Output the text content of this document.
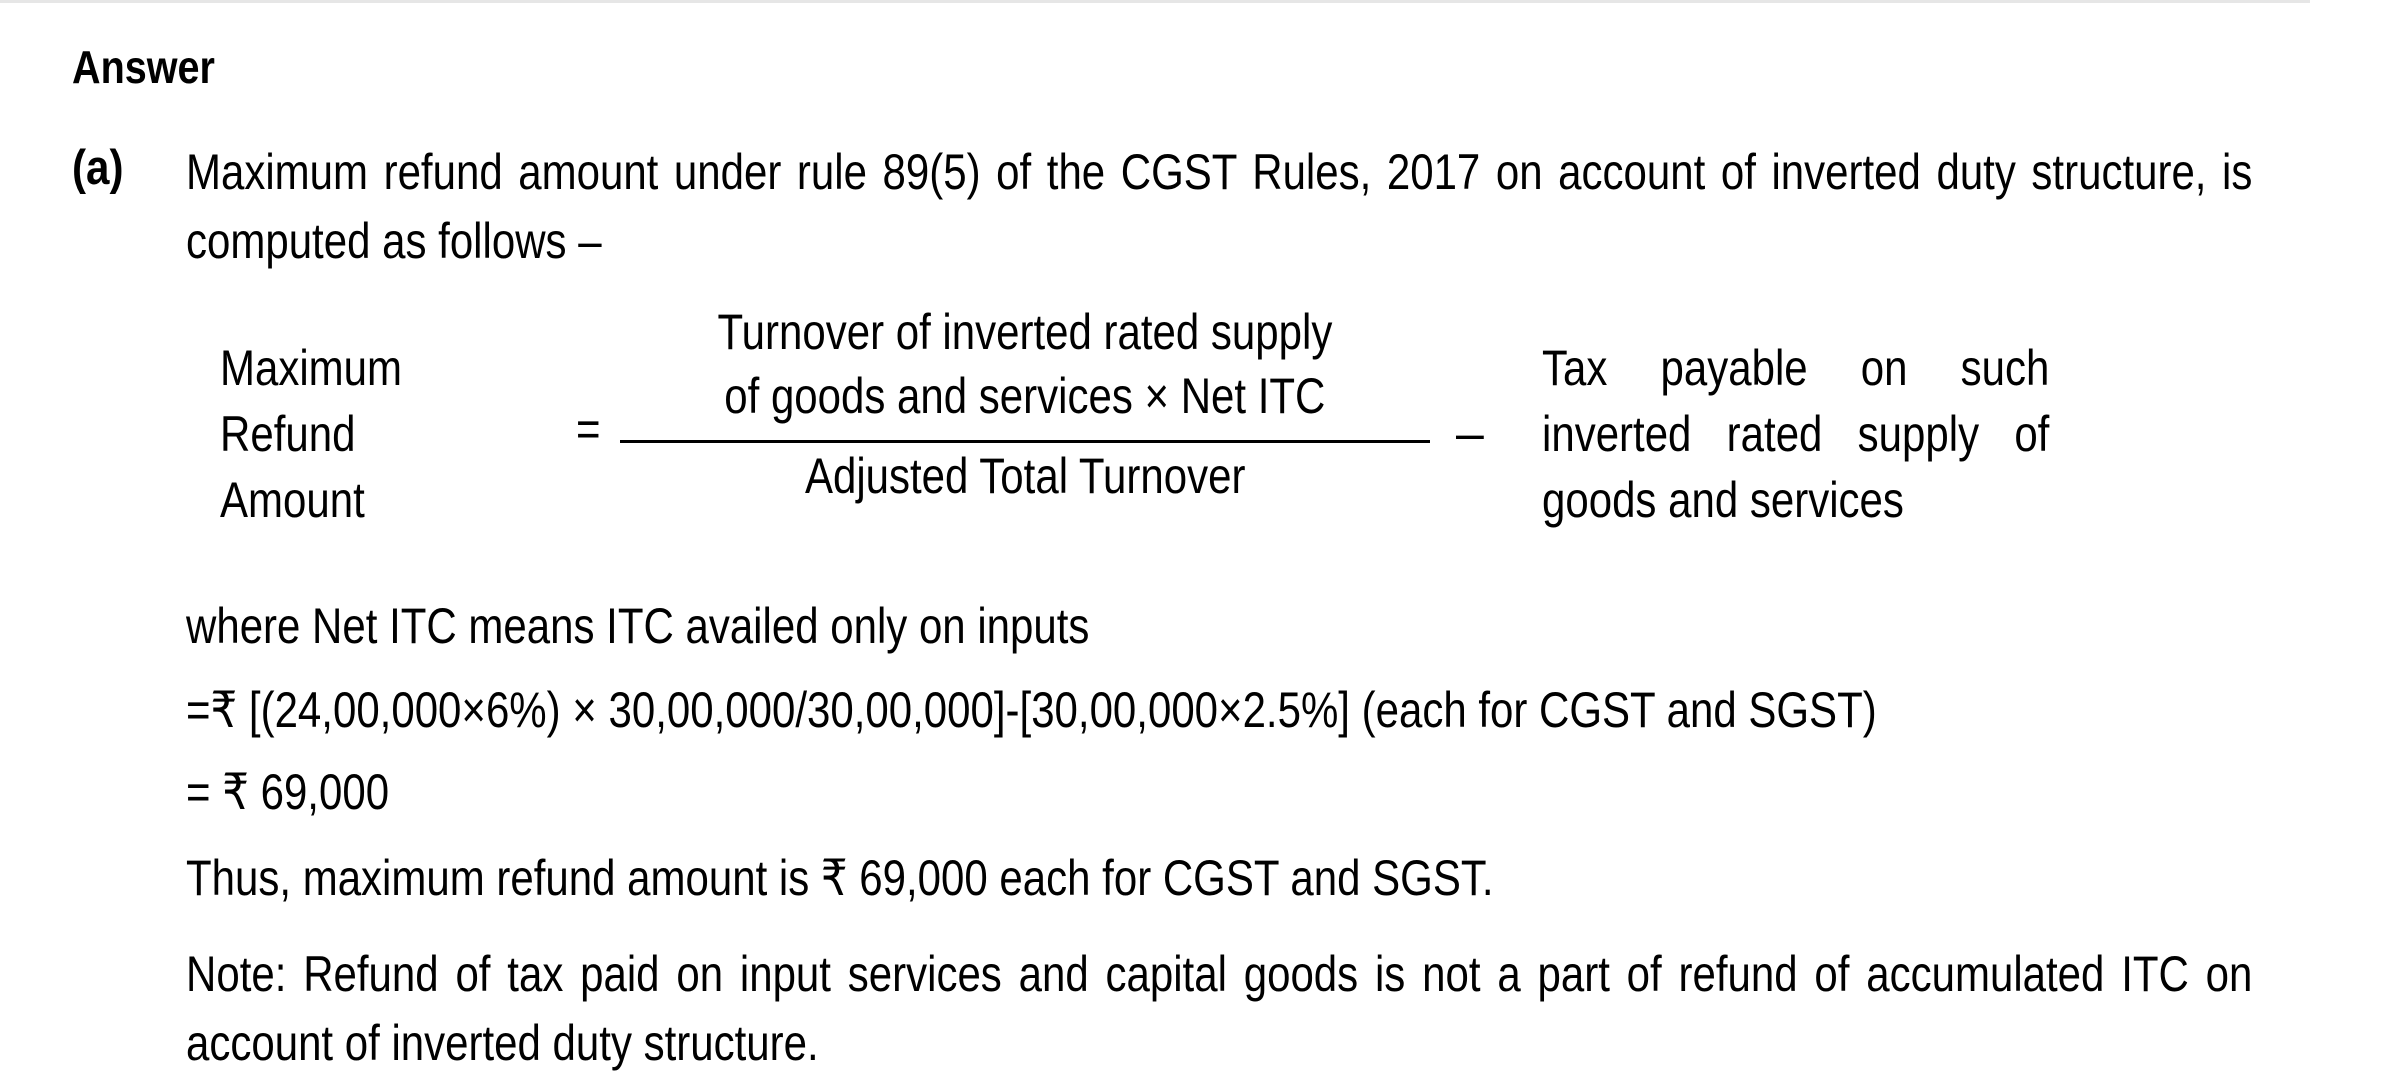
Answer
(a) Maximum refund amount under rule 89(5) of the CGST Rules, 2017 on account of inverted duty structure, is computed as follows –
Maximum
Refund
Amount
=
Turnover of inverted rated supply
of goods and services × Net ITC
Adjusted Total Turnover
–
Tax payable on such inverted rated supply of goods and services
where Net ITC means ITC availed only on inputs
=₹ [(24,00,000×6%) × 30,00,000/30,00,000]-[30,00,000×2.5%] (each for CGST and SGST)
= ₹ 69,000
Thus, maximum refund amount is ₹ 69,000 each for CGST and SGST.
Note: Refund of tax paid on input services and capital goods is not a part of refund of accumulated ITC on account of inverted duty structure.
